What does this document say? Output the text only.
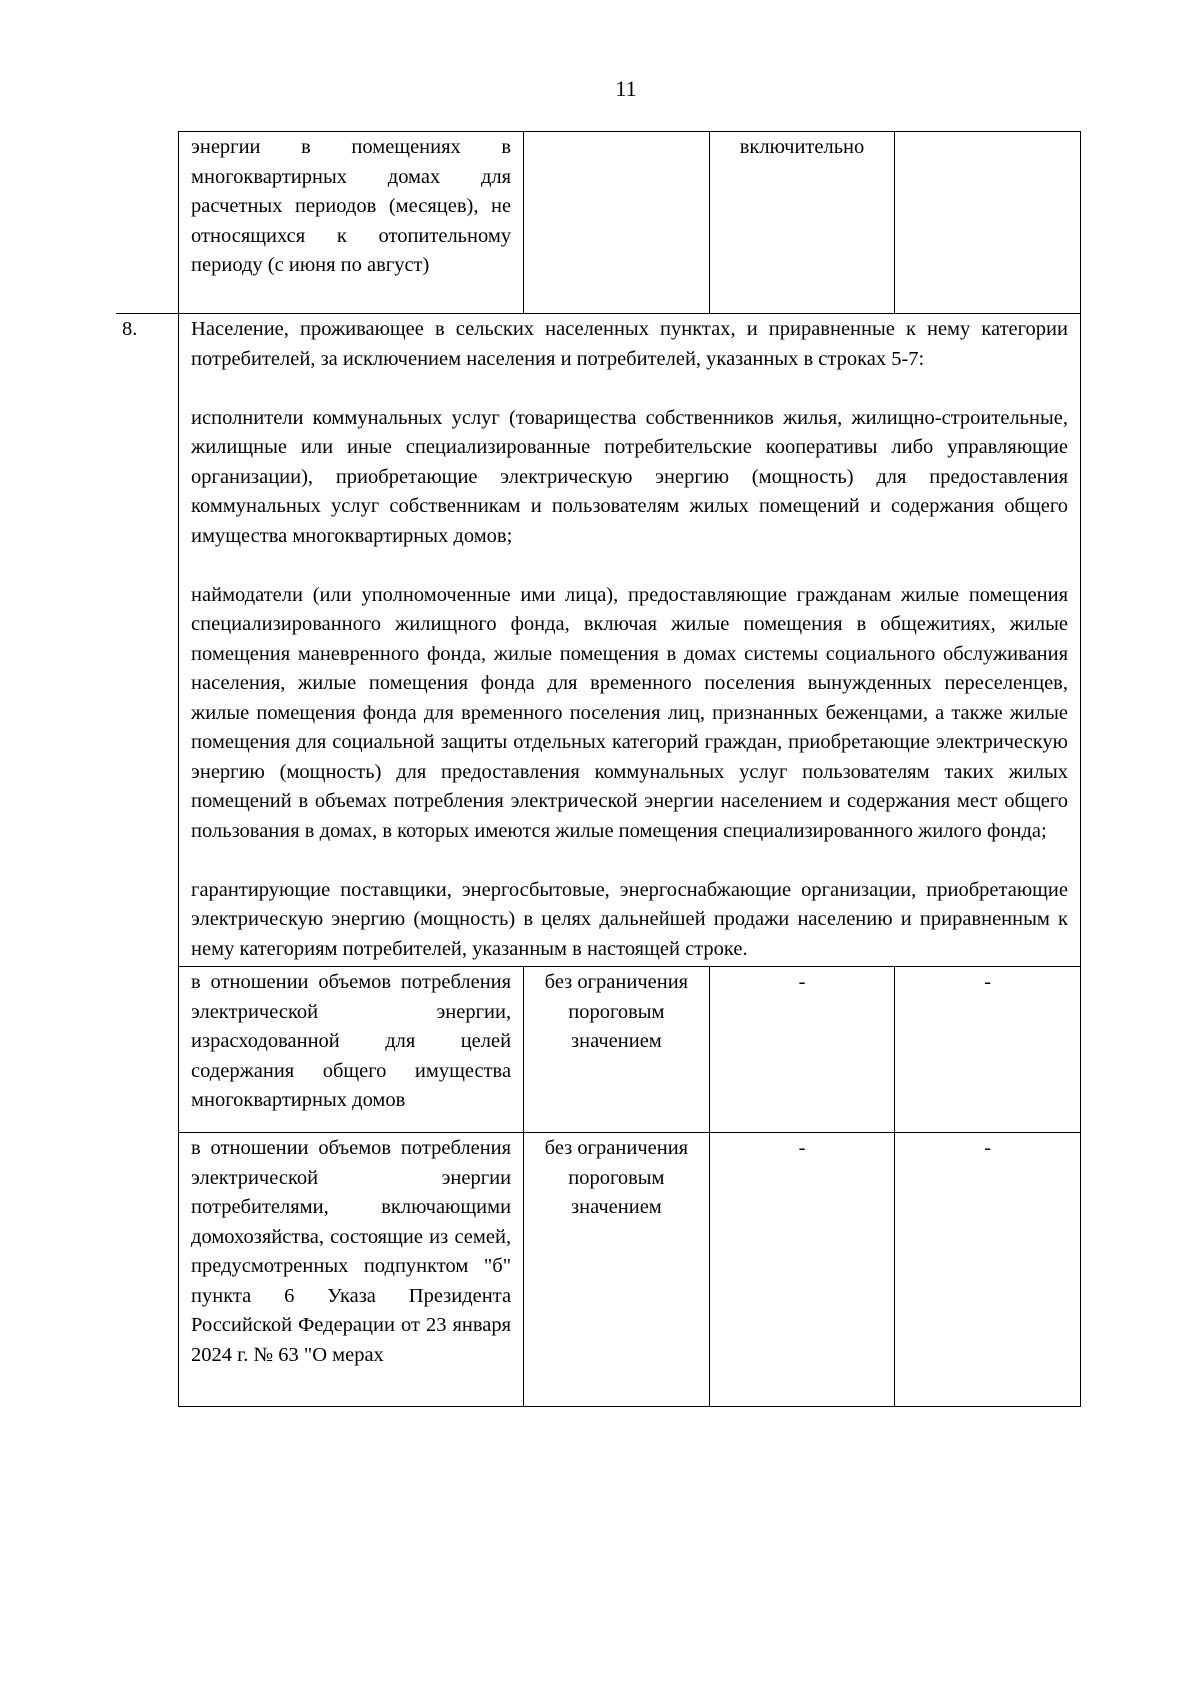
11
	энергии в помещениях в многоквартирных домах для расчетных периодов (месяцев), не относящихся к отопительному периоду (с июня по август)		включительно	
8.	Население, проживающее в сельских населенных пунктах, и приравненные к нему категории потребителей, за исключением населения и потребителей, указанных в строках 5-7:

исполнители коммунальных услуг (товарищества собственников жилья, жилищно-строительные, жилищные или иные специализированные потребительские кооперативы либо управляющие организации), приобретающие электрическую энергию (мощность) для предоставления коммунальных услуг собственникам и пользователям жилых помещений и содержания общего имущества многоквартирных домов;

наймодатели (или уполномоченные ими лица), предоставляющие гражданам жилые помещения специализированного жилищного фонда, включая жилые помещения в общежитиях, жилые помещения маневренного фонда, жилые помещения в домах системы социального обслуживания населения, жилые помещения фонда для временного поселения вынужденных переселенцев, жилые помещения фонда для временного поселения лиц, признанных беженцами, а также жилые помещения для социальной защиты отдельных категорий граждан, приобретающие электрическую энергию (мощность) для предоставления коммунальных услуг пользователям таких жилых помещений в объемах потребления электрической энергии населением и содержания мест общего пользования в домах, в которых имеются жилые помещения специализированного жилого фонда;

гарантирующие поставщики, энергосбытовые, энергоснабжающие организации, приобретающие электрическую энергию (мощность) в целях дальнейшей продажи населению и приравненным к нему категориям потребителей, указанным в настоящей строке.			

	в отношении объемов потребления электрической энергии, израсходованной для целей содержания общего имущества многоквартирных домов	без ограничения пороговым значением	-	-
	в отношении объемов потребления электрической энергии потребителями, включающими домохозяйства, состоящие из семей, предусмотренных подпунктом "б" пункта 6 Указа Президента Российской Федерации от 23 января 2024 г. № 63 "О мерах	без ограничения пороговым значением	-	-
